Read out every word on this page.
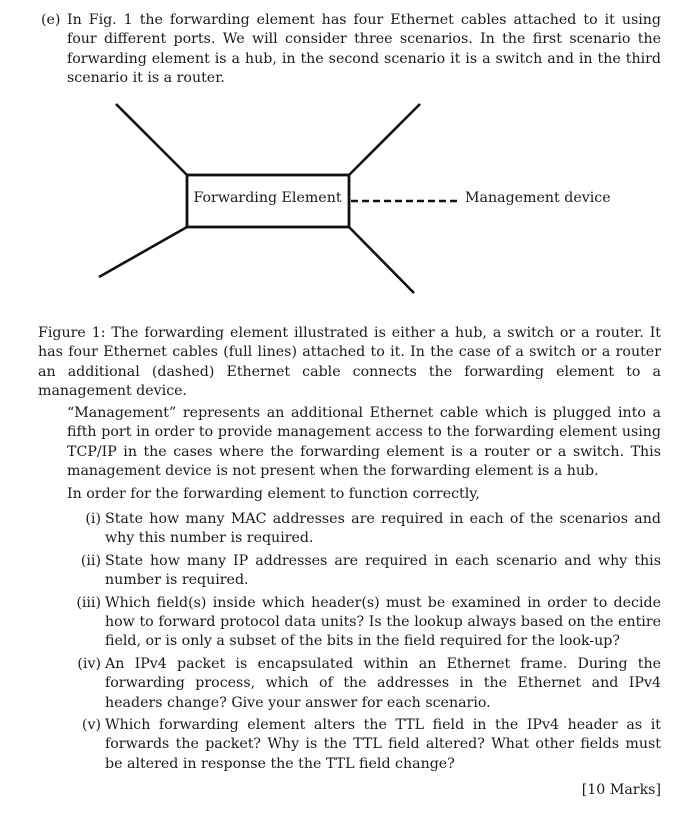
(e) In Fig. 1 the forwarding element has four Ethernet cables attached to it using four different ports. We will consider three scenarios. In the first scenario the forwarding element is a hub, in the second scenario it is a switch and in the third scenario it is a router.
Forwarding Element	Management device
Figure 1: The forwarding element illustrated is either a hub, a switch or a router. It has four Ethernet cables (full lines) attached to it. In the case of a switch or a router an additional (dashed) Ethernet cable connects the forwarding element to a management device.
“Management” represents an additional Ethernet cable which is plugged into a fifth port in order to provide management access to the forwarding element using TCP/IP in the cases where the forwarding element is a router or a switch. This management device is not present when the forwarding element is a hub.
In order for the forwarding element to function correctly,
(i) State how many MAC addresses are required in each of the scenarios and why this number is required.
(ii) State how many IP addresses are required in each scenario and why this number is required.
(iii) Which field(s) inside which header(s) must be examined in order to decide how to forward protocol data units? Is the lookup always based on the entire field, or is only a subset of the bits in the field required for the look-up?
(iv) An IPv4 packet is encapsulated within an Ethernet frame. During the forwarding process, which of the addresses in the Ethernet and IPv4 headers change? Give your answer for each scenario.
(v) Which forwarding element alters the TTL field in the IPv4 header as it forwards the packet? Why is the TTL field altered? What other fields must be altered in response the the TTL field change?
[10 Marks]
